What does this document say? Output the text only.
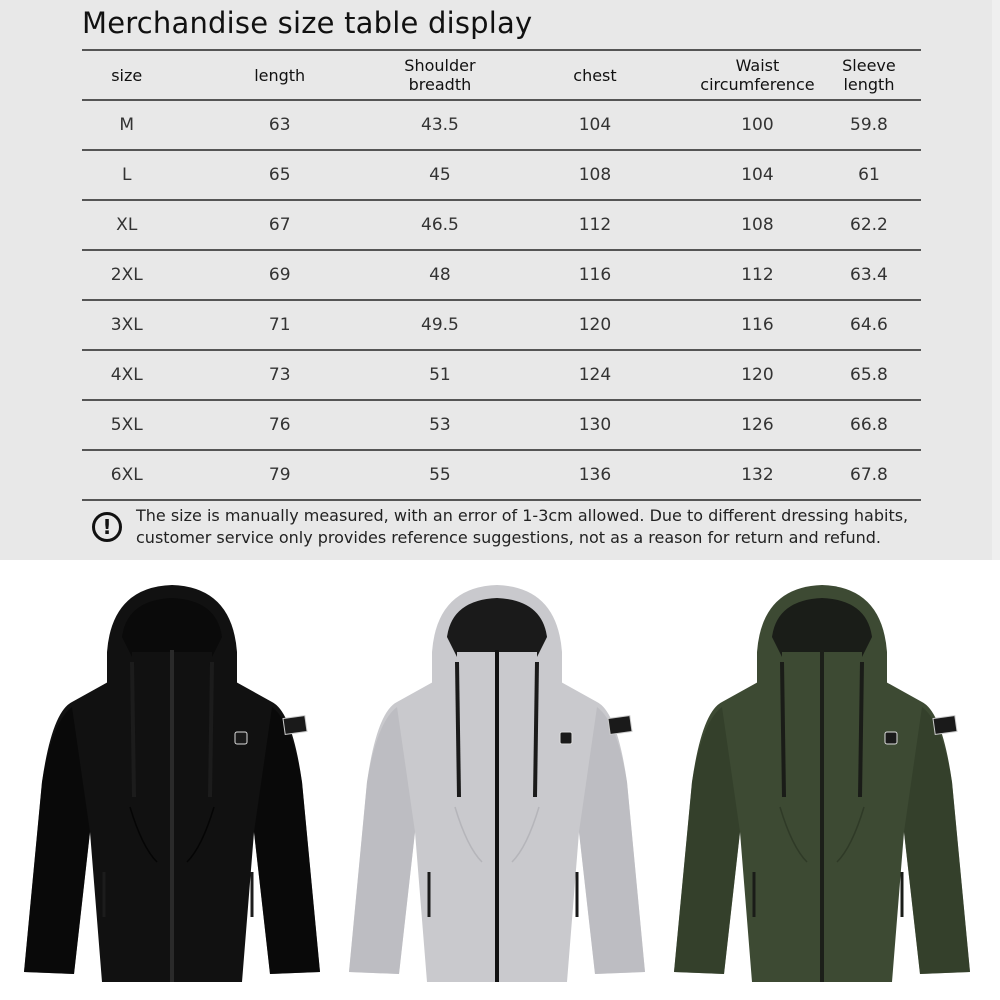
Merchandise size table display
size	length	Shoulder breadth	chest	Waist circumference	Sleeve length
M	63	43.5	104	100	59.8
L	65	45	108	104	61
XL	67	46.5	112	108	62.2
2XL	69	48	116	112	63.4
3XL	71	49.5	120	116	64.6
4XL	73	51	124	120	65.8
5XL	76	53	130	126	66.8
6XL	79	55	136	132	67.8
!	The size is manually measured, with an error of 1-3cm allowed. Due to different dressing habits,
customer service only provides reference suggestions, not as a reason for return and refund.
